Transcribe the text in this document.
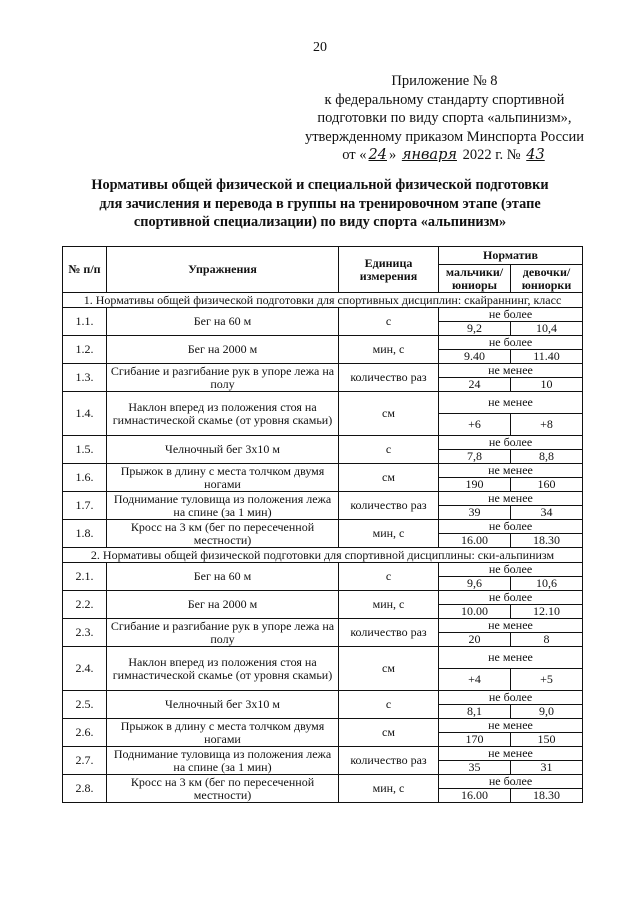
20
Приложение № 8
к федеральному стандарту спортивной
подготовки по виду спорта «альпинизм»,
утвержденному приказом Минспорта России
от « 24 » января 2022 г. № 43
Нормативы общей физической и специальной физической подготовки
для зачисления и перевода в группы на тренировочном этапе (этапе
спортивной специализации) по виду спорта «альпинизм»
№ п/п	Упражнения	Единица измерения	Норматив	
			мальчики/ юниоры	девочки/ юниорки
1. Нормативы общей физической подготовки для спортивных дисциплин: скайраннинг, класс				
1.1.	Бег на 60 м	с	не более	
			9,2	10,4
1.2.	Бег на 2000 м	мин, с	не более	
			9.40	11.40
1.3.	Сгибание и разгибание рук в упоре лежа на полу	количество раз	не менее	
			24	10
1.4.	Наклон вперед из положения стоя на гимнастической скамье (от уровня скамьи)	см	не менее	
			+6	+8
1.5.	Челночный бег 3х10 м	с	не более	
			7,8	8,8
1.6.	Прыжок в длину с места толчком двумя ногами	см	не менее	
			190	160
1.7.	Поднимание туловища из положения лежа на спине (за 1 мин)	количество раз	не менее	
			39	34
1.8.	Кросс на 3 км (бег по пересеченной местности)	мин, с	не более	
			16.00	18.30
2. Нормативы общей физической подготовки для спортивной дисциплины: ски-альпинизм				
2.1.	Бег на 60 м	с	не более	
			9,6	10,6
2.2.	Бег на 2000 м	мин, с	не более	
			10.00	12.10
2.3.	Сгибание и разгибание рук в упоре лежа на полу	количество раз	не менее	
			20	8
2.4.	Наклон вперед из положения стоя на гимнастической скамье (от уровня скамьи)	см	не менее	
			+4	+5
2.5.	Челночный бег 3х10 м	с	не более	
			8,1	9,0
2.6.	Прыжок в длину с места толчком двумя ногами	см	не менее	
			170	150
2.7.	Поднимание туловища из положения лежа на спине (за 1 мин)	количество раз	не менее	
			35	31
2.8.	Кросс на 3 км (бег по пересеченной местности)	мин, с	не более	
			16.00	18.30
